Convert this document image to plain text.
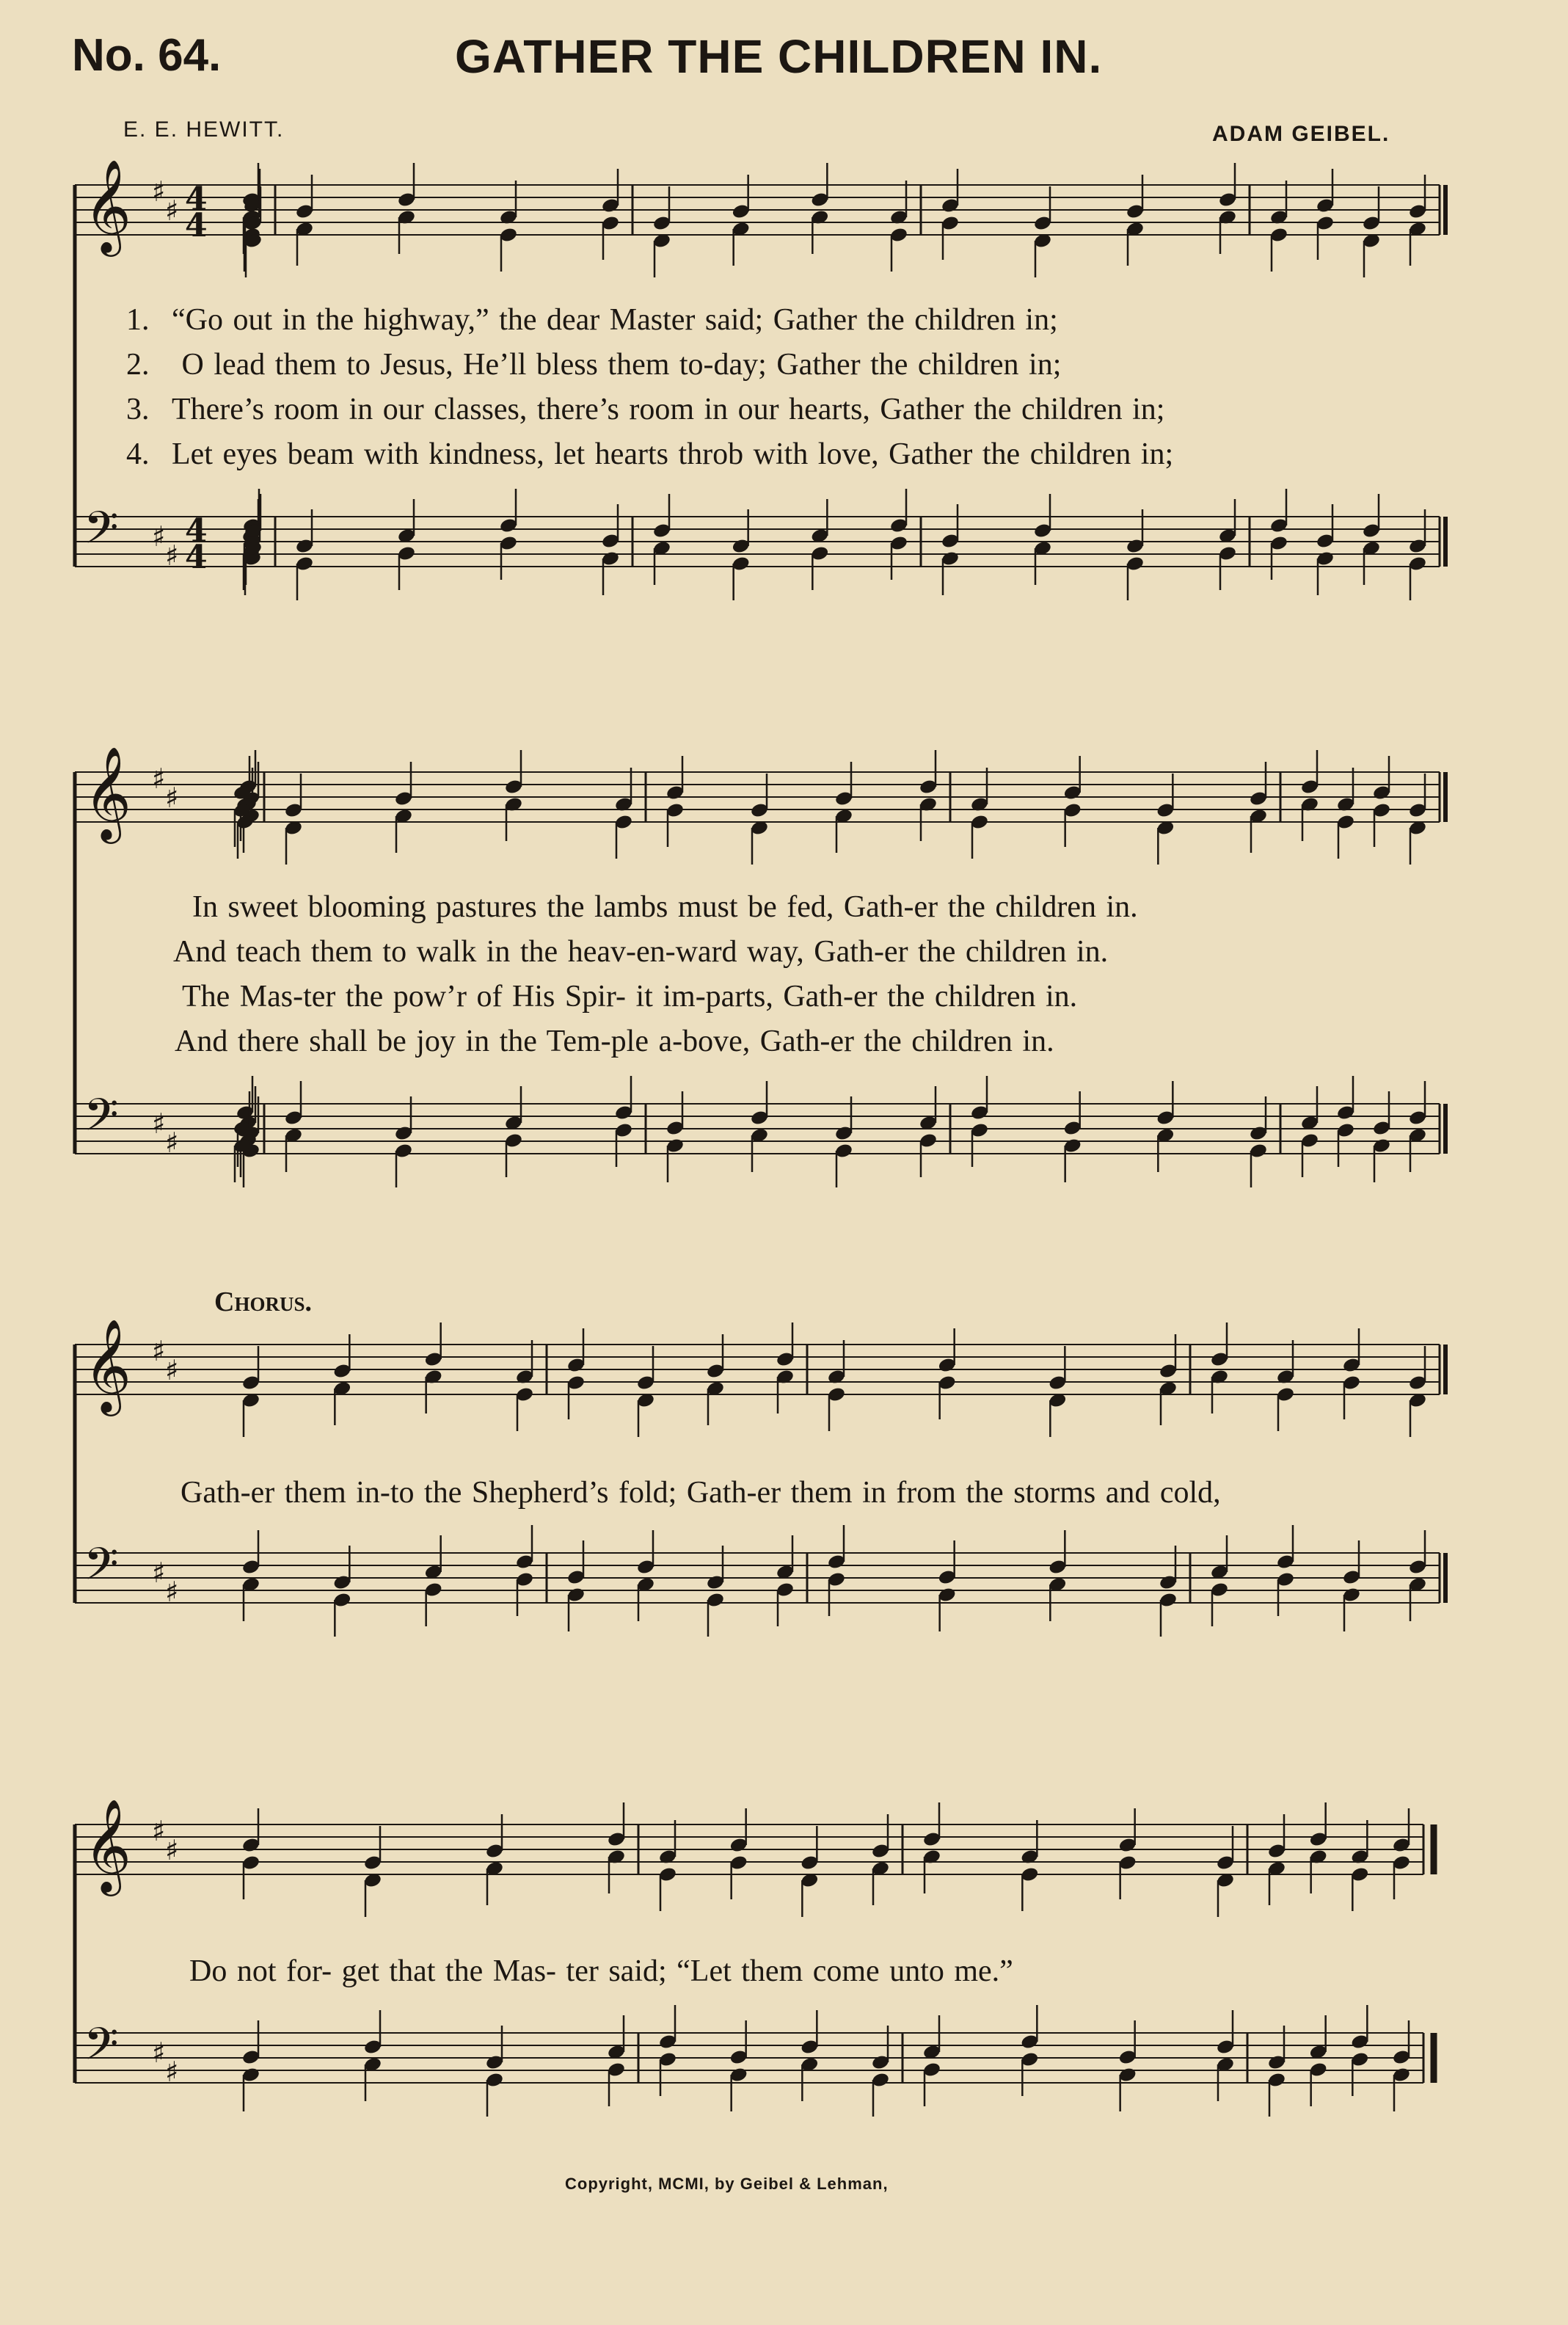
No. 64.	GATHER THE CHILDREN IN.
E. E. HEWITT.	ADAM GEIBEL.
𝄞 ♯
♯ 4
4
𝄢 ♯
♯
4
4
𝄞 ♯
♯
𝄢 ♯
♯
𝄞 ♯
♯
𝄢 ♯
♯
𝄞 ♯
♯
𝄢 ♯
♯
1. “Go out in the highway,” the dear Master said; Gather the children in;
2. O lead them to Jesus, He’ll bless them to-day; Gather the children in;
3. There’s room in our classes, there’s room in our hearts, Gather the children in;
4. Let eyes beam with kindness, let hearts throb with love, Gather the children in;
In sweet blooming pastures the lambs must be fed, Gath-er the children in.
And teach them to walk in the heav-en-ward way, Gath-er the children in.
The Mas-ter the pow’r of His Spir- it im-parts, Gath-er the children in.
And there shall be joy in the Tem-ple a-bove, Gath-er the children in.
Chorus.
Gath-er them in-to the Shepherd’s fold; Gath-er them in from the storms and cold,
Do not for- get that the Mas- ter said; “Let them come unto me.”
Copyright, MCMI, by Geibel & Lehman,
